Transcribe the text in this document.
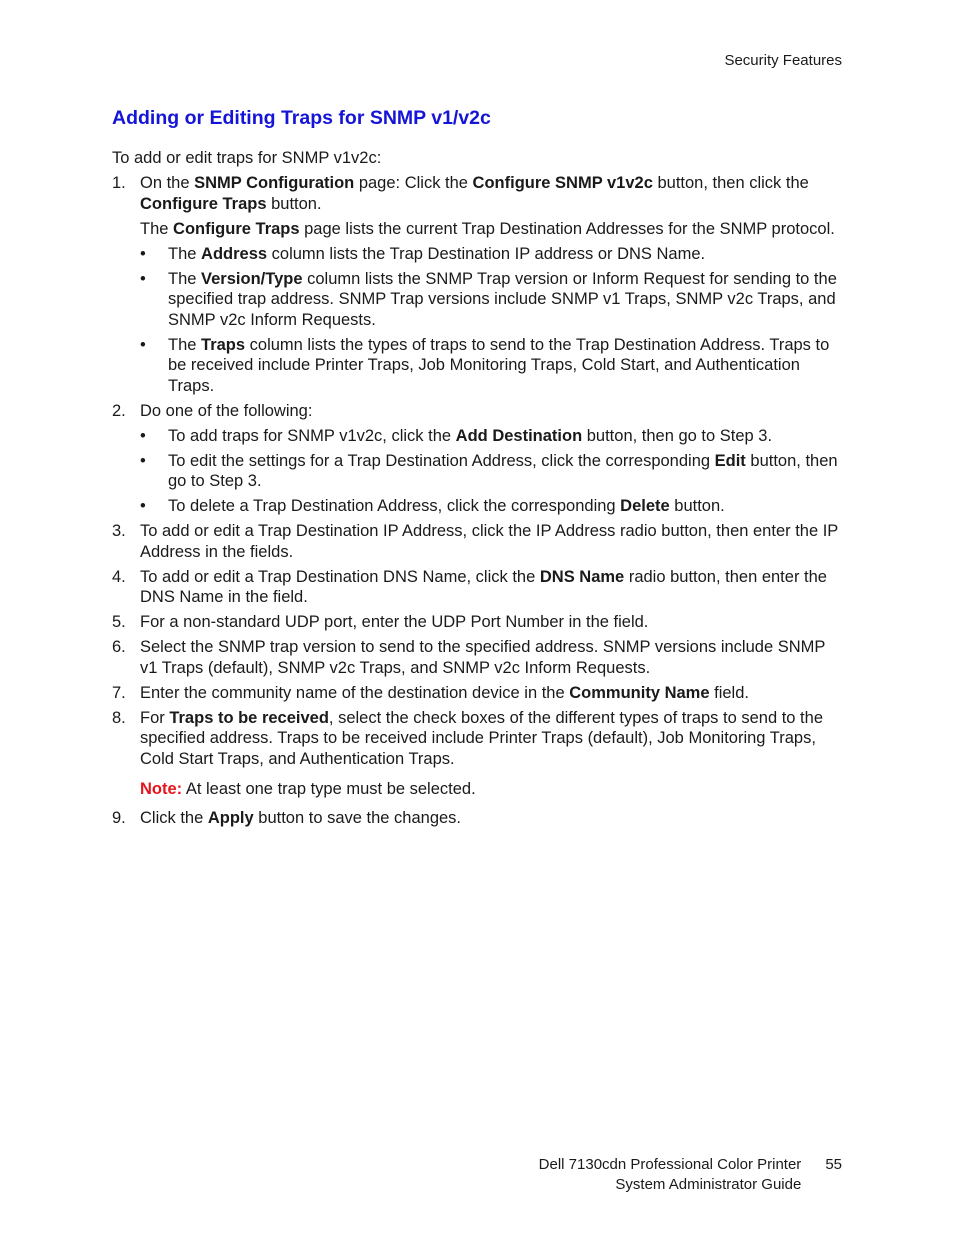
Security Features
Adding or Editing Traps for SNMP v1/v2c

To add or edit traps for SNMP v1v2c:

1. On the SNMP Configuration page: Click the Configure SNMP v1v2c button, then click the Configure Traps button.

The Configure Traps page lists the current Trap Destination Addresses for the SNMP protocol.

• The Address column lists the Trap Destination IP address or DNS Name.
• The Version/Type column lists the SNMP Trap version or Inform Request for sending to the specified trap address. SNMP Trap versions include SNMP v1 Traps, SNMP v2c Traps, and SNMP v2c Inform Requests.
• The Traps column lists the types of traps to send to the Trap Destination Address. Traps to be received include Printer Traps, Job Monitoring Traps, Cold Start, and Authentication Traps.
2. Do one of the following:

• To add traps for SNMP v1v2c, click the Add Destination button, then go to Step 3.
• To edit the settings for a Trap Destination Address, click the corresponding Edit button, then go to Step 3.
• To delete a Trap Destination Address, click the corresponding Delete button.
3. To add or edit a Trap Destination IP Address, click the IP Address radio button, then enter the IP Address in the fields.

4. To add or edit a Trap Destination DNS Name, click the DNS Name radio button, then enter the DNS Name in the field.

5. For a non-standard UDP port, enter the UDP Port Number in the field.

6. Select the SNMP trap version to send to the specified address. SNMP versions include SNMP v1 Traps (default), SNMP v2c Traps, and SNMP v2c Inform Requests.

7. Enter the community name of the destination device in the Community Name field.

8. For Traps to be received, select the check boxes of the different types of traps to send to the specified address. Traps to be received include Printer Traps (default), Job Monitoring Traps, Cold Start Traps, and Authentication Traps.

Note: At least one trap type must be selected.

9. Click the Apply button to save the changes.

Dell 7130cdn Professional Color Printer
System Administrator Guide
55
